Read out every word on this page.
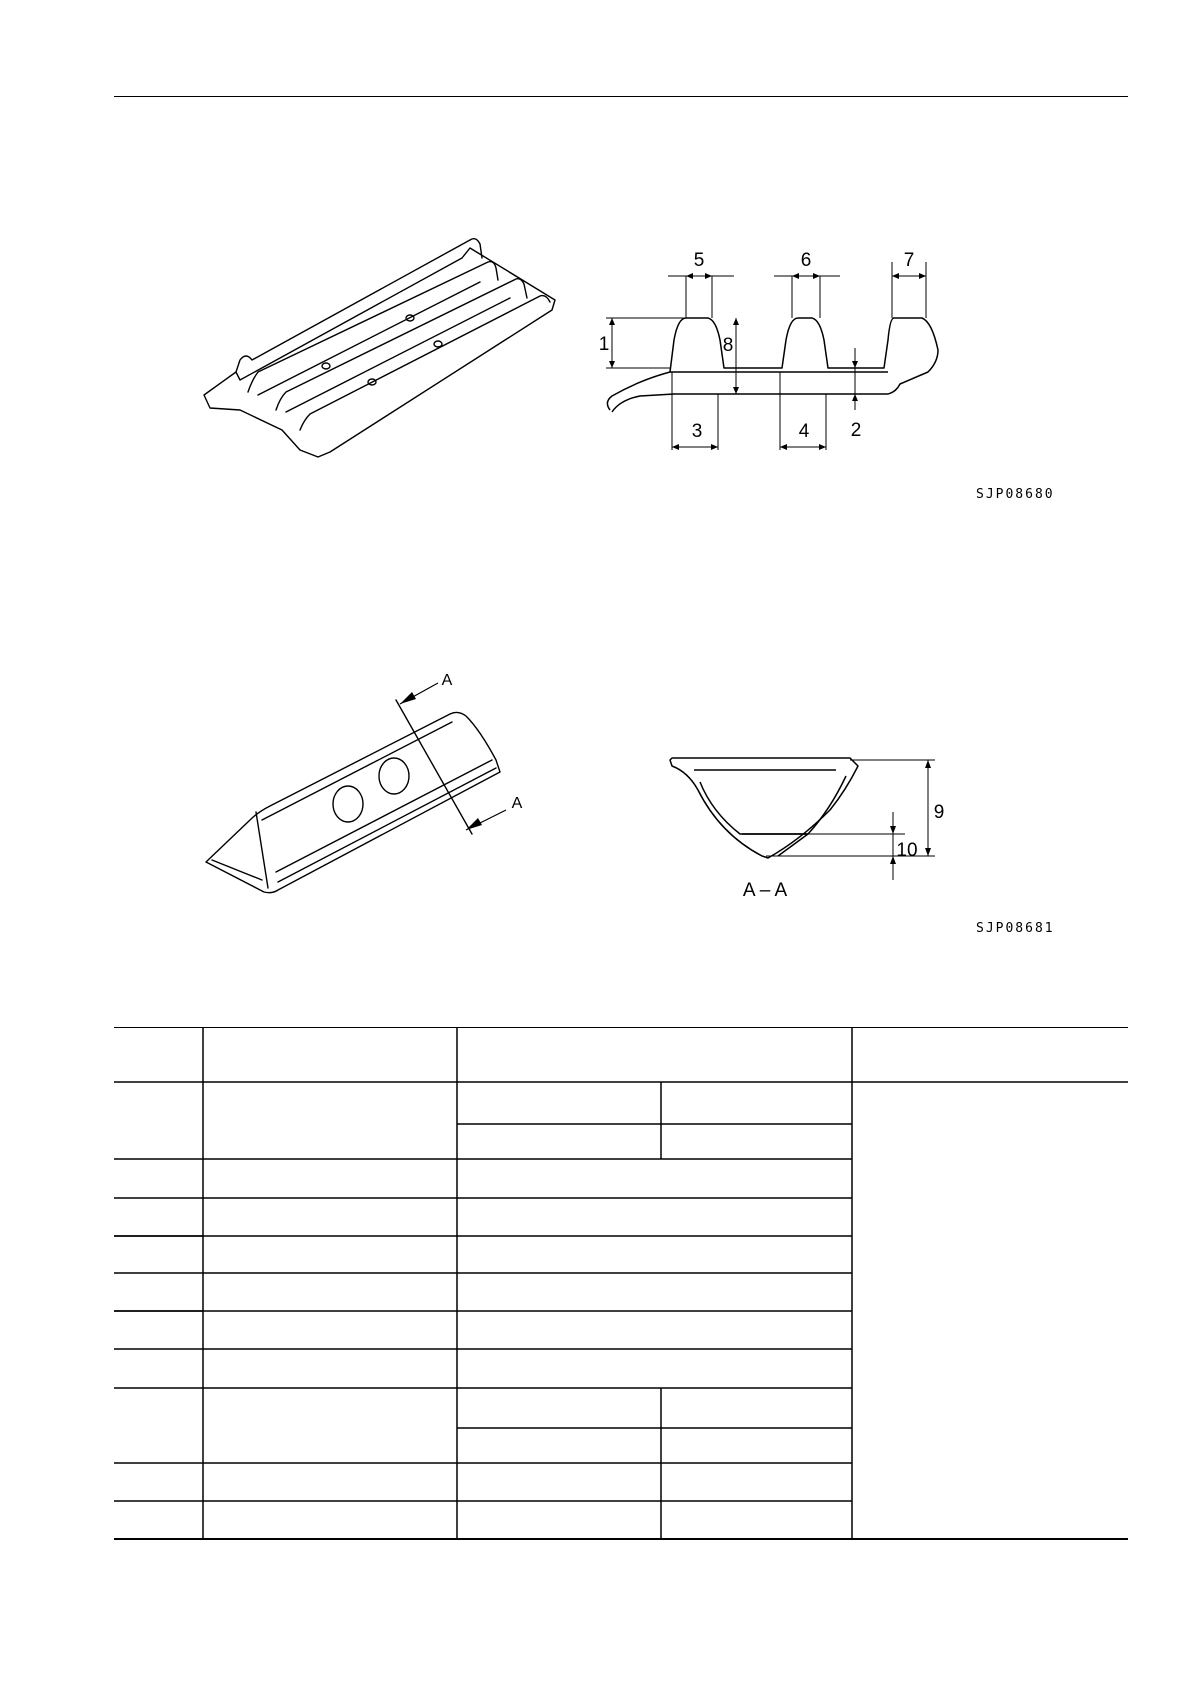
1
2
3	4
5	6	7
8
SJP08680
A
A	9
10
A – A
SJP08681
